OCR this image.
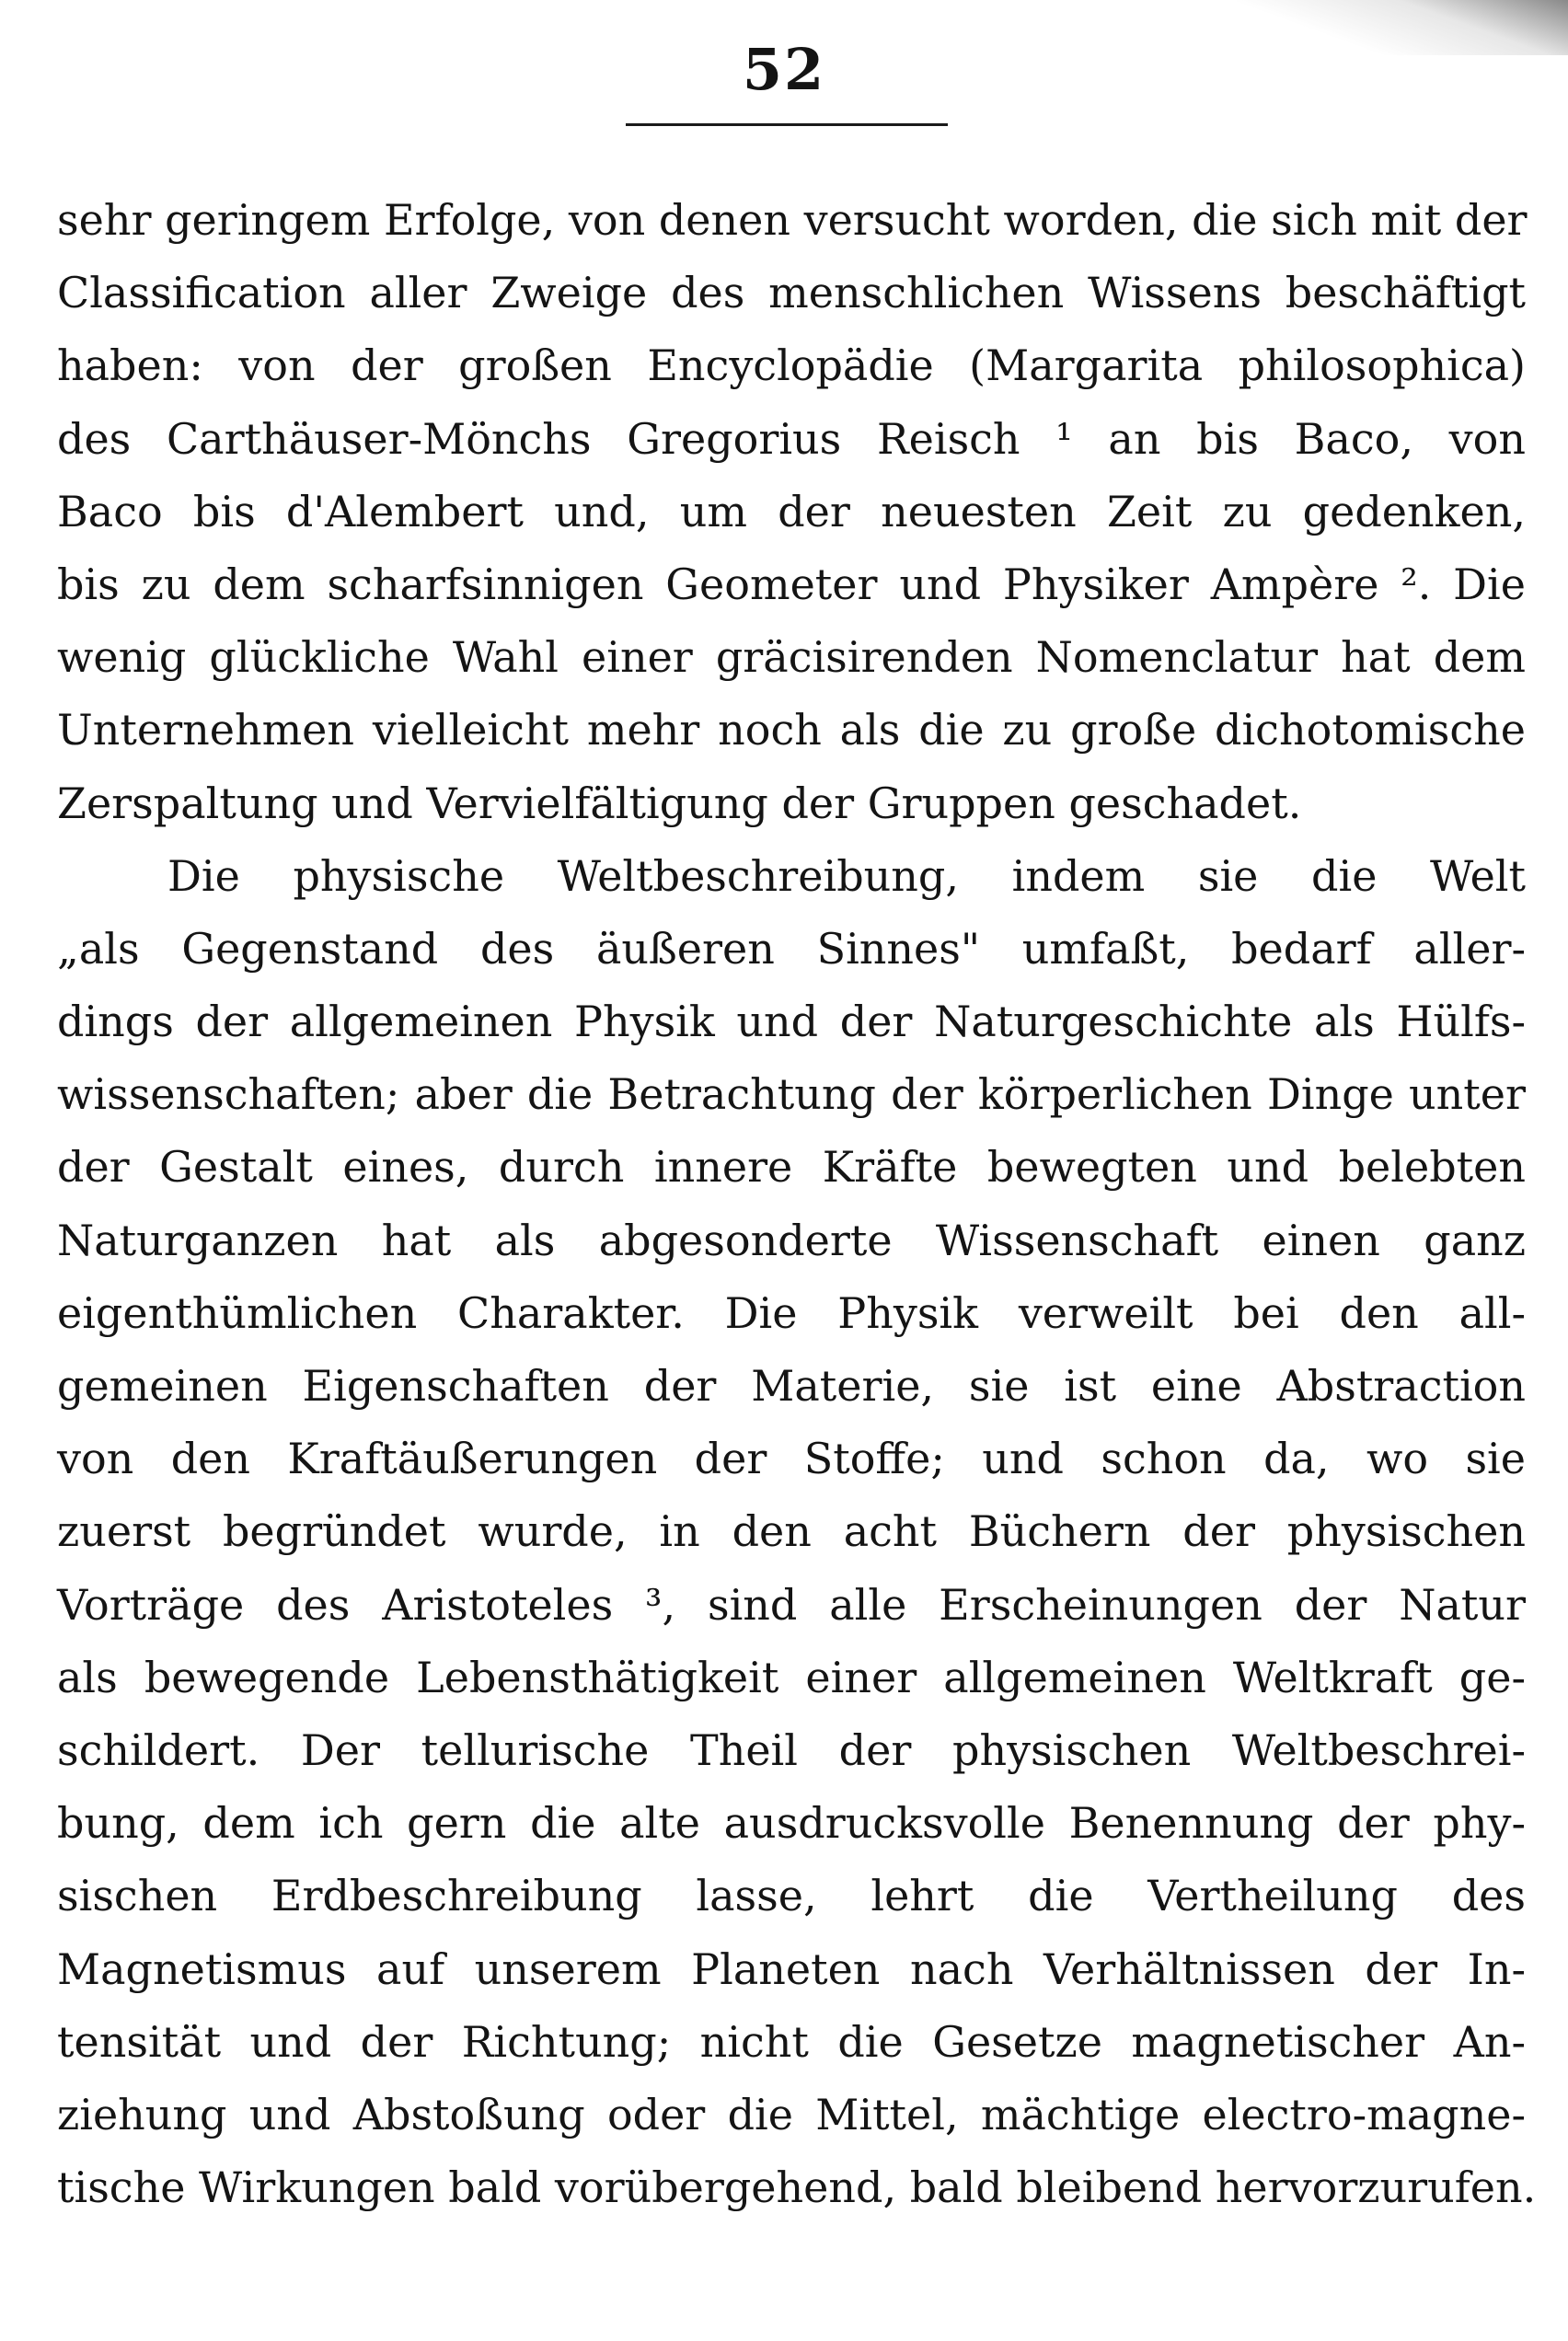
52
sehr geringem Erfolge, von denen versucht worden, die sich mit der
Classification aller Zweige des menschlichen Wissens beschäftigt
haben: von der großen Encyclopädie (Margarita philosophica)
des Carthäuser-Mönchs Gregorius Reisch ¹ an bis Baco, von
Baco bis d'Alembert und, um der neuesten Zeit zu gedenken,
bis zu dem scharfsinnigen Geometer und Physiker Ampère ². Die
wenig glückliche Wahl einer gräcisirenden Nomenclatur hat dem
Unternehmen vielleicht mehr noch als die zu große dichotomische
Zerspaltung und Vervielfältigung der Gruppen geschadet.
Die physische Weltbeschreibung, indem sie die Welt
„als Gegenstand des äußeren Sinnes" umfaßt, bedarf aller-
dings der allgemeinen Physik und der Naturgeschichte als Hülfs-
wissenschaften; aber die Betrachtung der körperlichen Dinge unter
der Gestalt eines, durch innere Kräfte bewegten und belebten
Naturganzen hat als abgesonderte Wissenschaft einen ganz
eigenthümlichen Charakter. Die Physik verweilt bei den all-
gemeinen Eigenschaften der Materie, sie ist eine Abstraction
von den Kraftäußerungen der Stoffe; und schon da, wo sie
zuerst begründet wurde, in den acht Büchern der physischen
Vorträge des Aristoteles ³, sind alle Erscheinungen der Natur
als bewegende Lebensthätigkeit einer allgemeinen Weltkraft ge-
schildert. Der tellurische Theil der physischen Weltbeschrei-
bung, dem ich gern die alte ausdrucksvolle Benennung der phy-
sischen Erdbeschreibung lasse, lehrt die Vertheilung des
Magnetismus auf unserem Planeten nach Verhältnissen der In-
tensität und der Richtung; nicht die Gesetze magnetischer An-
ziehung und Abstoßung oder die Mittel, mächtige electro-magne-
tische Wirkungen bald vorübergehend, bald bleibend hervorzurufen.
